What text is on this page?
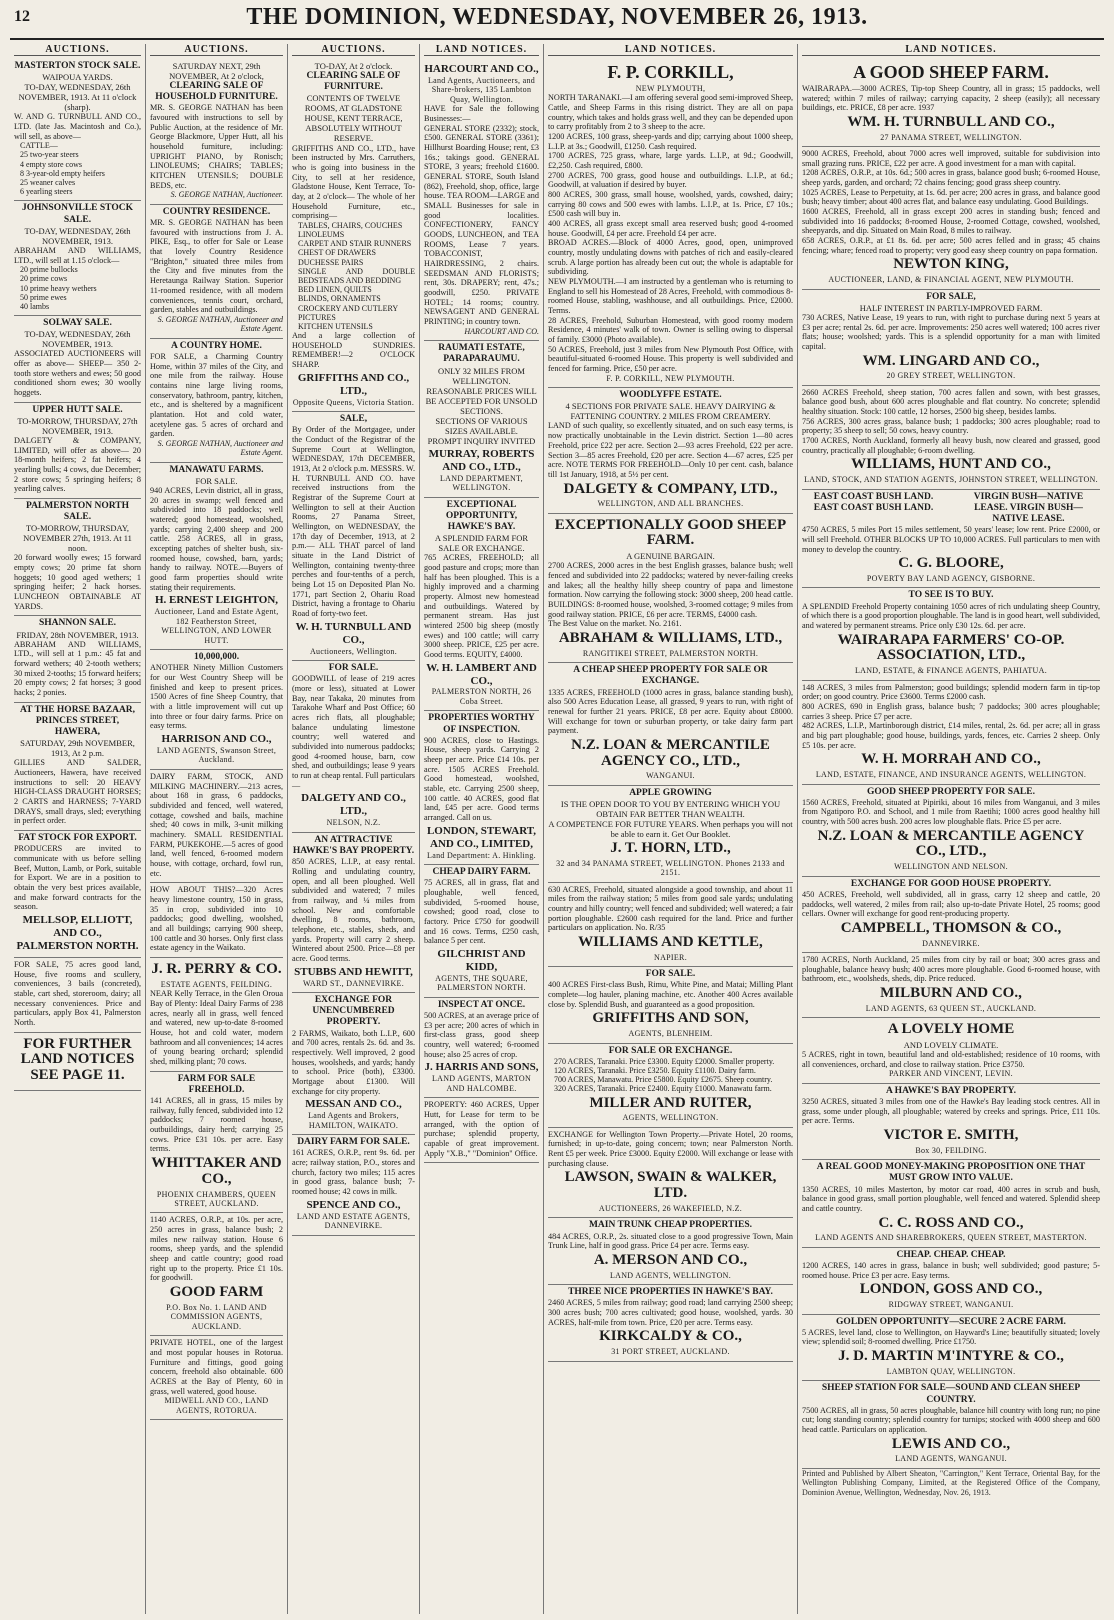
12	THE DOMINION, WEDNESDAY, NOVEMBER 26, 1913.
AUCTIONS.
MASTERTON STOCK SALE.
WAIPOUA YARDS.
TO-DAY, WEDNESDAY, 26th NOVEMBER, 1913. At 11 o'clock (sharp).
W. AND G. TURNBULL AND CO., LTD. (late Jas. Macintosh and Co.), will sell, as above—
CATTLE—
25 two-year steers
4 empty store cows
8 3-year-old empty heifers
25 weaner calves
6 yearling steers
JOHNSONVILLE STOCK SALE.
TO-DAY, WEDNESDAY, 26th NOVEMBER, 1913.
ABRAHAM AND WILLIAMS, LTD., will sell at 1.15 o'clock—
20 prime bullocks
20 prime cows
10 prime heavy wethers
50 prime ewes
40 lambs
SOLWAY SALE.
TO-DAY, WEDNESDAY, 26th NOVEMBER, 1913.
ASSOCIATED AUCTIONEERS will offer as above— SHEEP— 350 2-tooth store wethers and ewes; 50 good conditioned shorn ewes; 30 woolly hoggets.
UPPER HUTT SALE.
TO-MORROW, THURSDAY, 27th NOVEMBER, 1913.
DALGETY & COMPANY, LIMITED, will offer as above— 20 18-month heifers; 2 fat heifers; 4 yearling bulls; 4 cows, due December; 2 store cows; 5 springing heifers; 8 yearling calves.
PALMERSTON NORTH SALE.
TO-MORROW, THURSDAY, NOVEMBER 27th, 1913. At 11 noon.
20 forward woolly ewes; 15 forward empty cows; 20 prime fat shorn hoggets; 10 good aged wethers; 1 springing heifer; 2 hack horses. LUNCHEON OBTAINABLE AT YARDS.
SHANNON SALE.
FRIDAY, 28th NOVEMBER, 1913.
ABRAHAM AND WILLIAMS, LTD., will sell at 1 p.m.: 45 fat and forward wethers; 40 2-tooth wethers; 30 mixed 2-tooths; 15 forward heifers; 20 empty cows; 2 fat horses; 3 good hacks; 2 ponies.
AT THE HORSE BAZAAR, PRINCES STREET, HAWERA,
SATURDAY, 29th NOVEMBER, 1913, At 2 p.m.
GILLIES AND SALDER, Auctioneers, Hawera, have received instructions to sell: 20 HEAVY HIGH-CLASS DRAUGHT HORSES; 2 CARTS and HARNESS; 7-YARD DRAYS, small drays, sled; everything in perfect order.
FAT STOCK FOR EXPORT.
PRODUCERS are invited to communicate with us before selling Beef, Mutton, Lamb, or Pork, suitable for Export. We are in a position to obtain the very best prices available, and make forward contracts for the season.
MELLSOP, ELLIOTT, AND CO., PALMERSTON NORTH.
FOR SALE, 75 acres good land, House, five rooms and scullery, conveniences, 3 bails (concreted), stable, cart shed, storeroom, dairy; all necessary conveniences. Price and particulars, apply Box 41, Palmerston North.
FOR FURTHER LAND NOTICES SEE PAGE 11.
AUCTIONS.
SATURDAY NEXT, 29th NOVEMBER, At 2 o'clock,
CLEARING SALE OF HOUSEHOLD FURNITURE.
MR. S. GEORGE NATHAN has been favoured with instructions to sell by Public Auction, at the residence of Mr. George Blackmore, Upper Hutt, all his household furniture, including: UPRIGHT PIANO, by Ronisch; LINOLEUMS; CHAIRS; TABLES; KITCHEN UTENSILS; DOUBLE BEDS, etc.
S. GEORGE NATHAN, Auctioneer.
COUNTRY RESIDENCE.
MR. S. GEORGE NATHAN has been favoured with instructions from J. A. PIKE, Esq., to offer for Sale or Lease that lovely Country Residence "Brighton," situated three miles from the City and five minutes from the Heretaunga Railway Station. Superior 11-roomed residence, with all modern conveniences, tennis court, orchard, garden, stables and outbuildings.
S. GEORGE NATHAN, Auctioneer and Estate Agent.
A COUNTRY HOME.
FOR SALE, a Charming Country Home, within 37 miles of the City, and one mile from the railway. House contains nine large living rooms, conservatory, bathroom, pantry, kitchen, etc., and is sheltered by a magnificent plantation. Hot and cold water, acetylene gas. 5 acres of orchard and garden.
S. GEORGE NATHAN, Auctioneer and Estate Agent.
MANAWATU FARMS.
FOR SALE.
940 ACRES, Levin district, all in grass, 20 acres in swamp; well fenced and subdivided into 18 paddocks; well watered; good homestead, woolshed, yards; carrying 2,400 sheep and 200 cattle. 258 ACRES, all in grass, excepting patches of shelter bush, six-roomed house, cowshed, barn, yards; handy to railway. NOTE.—Buyers of good farm properties should write stating their requirements.
H. ERNEST LEIGHTON,
Auctioneer, Land and Estate Agent, 182 Featherston Street, WELLINGTON, AND LOWER HUTT.
10,000,000.
ANOTHER Ninety Million Customers for our West Country Sheep will be finished and keep to present prices. 1500 Acres of fine Sheep Country, that with a little improvement will cut up into three or four dairy farms. Price on easy terms.
HARRISON AND CO.,
LAND AGENTS, Swanson Street, Auckland.
DAIRY FARM, STOCK, AND MILKING MACHINERY.—213 acres, about 168 in grass, 6 paddocks, subdivided and fenced, well watered, cottage, cowshed and bails, machine shed; 40 cows in milk, 3-unit milking machinery. SMALL RESIDENTIAL FARM, PUKEKOHE.—5 acres of good land, well fenced, 6-roomed modern house, with cottage, orchard, fowl run, etc.
HOW ABOUT THIS?—320 Acres heavy limestone country, 150 in grass, 35 in crop, subdivided into 10 paddocks; good dwelling, woolshed, and all buildings; carrying 900 sheep, 100 cattle and 30 horses. Only first class estate agency in the Waikato.
J. R. PERRY & CO.
ESTATE AGENTS, FEILDING.
NEAR Kelly Terrace, in the Glen Oroua Bay of Plenty: Ideal Dairy Farms of 238 acres, nearly all in grass, well fenced and watered, new up-to-date 8-roomed House, hot and cold water, modern bathroom and all conveniences; 14 acres of young bearing orchard; splendid shed, milking plant; 70 cows.
FARM FOR SALE FREEHOLD.
141 ACRES, all in grass, 15 miles by railway, fully fenced, subdivided into 12 paddocks; 7 roomed house, outbuildings, dairy herd; carrying 25 cows. Price £31 10s. per acre. Easy terms.
WHITTAKER AND CO.,
PHOENIX CHAMBERS, QUEEN STREET, AUCKLAND.
1140 ACRES, O.R.P., at 10s. per acre, 250 acres in grass, balance bush; 2 miles new railway station. House 6 rooms, sheep yards, and the splendid sheep and cattle country; good road right up to the property. Price £1 10s. for goodwill.
GOOD FARM
P.O. Box No. 1. LAND AND COMMISSION AGENTS, AUCKLAND.
PRIVATE HOTEL, one of the largest and most popular houses in Rotorua. Furniture and fittings, good going concern, freehold also obtainable. 600 ACRES at the Bay of Plenty, 60 in grass, well watered, good house.
MIDWELL AND CO., LAND AGENTS, ROTORUA.
AUCTIONS.
TO-DAY, At 2 o'clock.
CLEARING SALE OF FURNITURE.
CONTENTS OF TWELVE ROOMS, AT GLADSTONE HOUSE, KENT TERRACE, ABSOLUTELY WITHOUT RESERVE.
GRIFFITHS AND CO., LTD., have been instructed by Mrs. Carruthers, who is going into business in the City, to sell at her residence, Gladstone House, Kent Terrace, To-day, at 2 o'clock— The whole of her Household Furniture, etc., comprising—
TABLES, CHAIRS, COUCHES
LINOLEUMS
CARPET AND STAIR RUNNERS
CHEST OF DRAWERS
DUCHESSE PAIRS
SINGLE AND DOUBLE BEDSTEADS AND BEDDING
BED LINEN, QUILTS
BLINDS, ORNAMENTS
CROCKERY AND CUTLERY
PICTURES
KITCHEN UTENSILS
And a large collection of HOUSEHOLD SUNDRIES. REMEMBER!—2 O'CLOCK SHARP.
GRIFFITHS AND CO., LTD.,
Opposite Queens, Victoria Station.
SALE,
By Order of the Mortgagee, under the Conduct of the Registrar of the Supreme Court at Wellington, WEDNESDAY, 17th DECEMBER, 1913, At 2 o'clock p.m. MESSRS. W. H. TURNBULL AND CO. have received instructions from the Registrar of the Supreme Court at Wellington to sell at their Auction Rooms, 27 Panama Street, Wellington, on WEDNESDAY, the 17th day of December, 1913, at 2 p.m.— ALL THAT parcel of land situate in the Land District of Wellington, containing twenty-three perches and four-tenths of a perch, being Lot 15 on Deposited Plan No. 1771, part Section 2, Ohariu Road District, having a frontage to Ohariu Road of forty-two feet.
W. H. TURNBULL AND CO.,
Auctioneers, Wellington.
FOR SALE.
GOODWILL of lease of 219 acres (more or less), situated at Lower Bay, near Takaka, 20 minutes from Tarakohe Wharf and Post Office; 60 acres rich flats, all ploughable; balance undulating limestone country; well watered and subdivided into numerous paddocks; good 4-roomed house, barn, cow shed, and outbuildings; lease 9 years to run at cheap rental. Full particulars—
DALGETY AND CO., LTD.,
NELSON, N.Z.
AN ATTRACTIVE HAWKE'S BAY PROPERTY.
850 ACRES, L.I.P., at easy rental. Rolling and undulating country, open, and all been ploughed. Well subdivided and watered; 7 miles from railway, and ¼ miles from school. New and comfortable dwelling, 8 rooms, bathroom, telephone, etc., stables, sheds, and yards. Property will carry 2 sheep. Wintered about 2500. Price—£8 per acre. Good terms.
STUBBS AND HEWITT,
WARD ST., DANNEVIRKE.
EXCHANGE FOR UNENCUMBERED PROPERTY.
2 FARMS, Waikato, both L.I.P., 600 and 700 acres, rentals 2s. 6d. and 3s. respectively. Well improved, 2 good houses, woolsheds, and yards; handy to school. Price (both), £3300. Mortgage about £1300. Will exchange for city property.
MESSAN AND CO.,
Land Agents and Brokers, HAMILTON, WAIKATO.
DAIRY FARM FOR SALE.
161 ACRES, O.R.P., rent 9s. 6d. per acre; railway station, P.O., stores and church, factory two miles; 115 acres in good grass, balance bush; 7-roomed house; 42 cows in milk.
SPENCE AND CO.,
LAND AND ESTATE AGENTS, DANNEVIRKE.
LAND NOTICES.
HARCOURT AND CO.,
Land Agents, Auctioneers, and Share-brokers, 135 Lambton Quay, Wellington.
HAVE for Sale the following Businesses:—
GENERAL STORE (2332); stock, £500. GENERAL STORE (3361); Hillhurst Boarding House; rent, £3 16s.; takings good. GENERAL STORE, 3 years; freehold £1600. GENERAL STORE, South Island (862), Freehold, shop, office, large house. TEA ROOM—LARGE and SMALL Businesses for sale in good localities. CONFECTIONERY, FANCY GOODS, LUNCHEON, and TEA ROOMS, Lease 7 years. TOBACCONIST, HAIRDRESSING, 2 chairs. SEEDSMAN AND FLORISTS; rent, 30s. DRAPERY; rent, 47s.; goodwill, £250. PRIVATE HOTEL; 14 rooms; country. NEWSAGENT AND GENERAL PRINTING; in country town.
HARCOURT AND CO.
RAUMATI ESTATE,
PARAPARAUMU.
ONLY 32 MILES FROM WELLINGTON.
REASONABLE PRICES WILL BE ACCEPTED FOR UNSOLD SECTIONS.
SECTIONS OF VARIOUS SIZES AVAILABLE.
PROMPT INQUIRY INVITED
MURRAY, ROBERTS AND CO., LTD.,
LAND DEPARTMENT, WELLINGTON.
EXCEPTIONAL OPPORTUNITY, HAWKE'S BAY.
A SPLENDID FARM FOR SALE OR EXCHANGE.
765 ACRES, FREEHOLD; all good pasture and crops; more than half has been ploughed. This is a highly improved and a charming property. Almost new homestead and outbuildings. Watered by permanent stream. Has just wintered 2500 big sheep (mostly ewes) and 100 cattle; will carry 3000 sheep. PRICE, £25 per acre. Good terms. EQUITY, £4000.
W. H. LAMBERT AND CO.,
PALMERSTON NORTH, 26 Coba Street.
PROPERTIES WORTHY OF INSPECTION.
900 ACRES, close to Hastings. House, sheep yards. Carrying 2 sheep per acre. Price £14 10s. per acre. 1505 ACRES Freehold. Good homestead, woolshed, stable, etc. Carrying 2500 sheep, 100 cattle. 40 ACRES, good flat land, £45 per acre. Good terms arranged. Call on us.
LONDON, STEWART, AND CO., LIMITED,
Land Department: A. Hinkling.
CHEAP DAIRY FARM.
75 ACRES, all in grass, flat and ploughable, well fenced, subdivided, 5-roomed house, cowshed; good road, close to factory. Price £750 for goodwill and 16 cows. Terms, £250 cash, balance 5 per cent.
GILCHRIST AND KIDD,
AGENTS, THE SQUARE, PALMERSTON NORTH.
INSPECT AT ONCE.
500 ACRES, at an average price of £3 per acre; 200 acres of which in first-class grass, good sheep country, well watered; 6-roomed house; also 25 acres of crop.
J. HARRIS AND SONS,
LAND AGENTS, MARTON AND HALCOMBE.
PROPERTY: 460 ACRES, Upper Hutt, for Lease for term to be arranged, with the option of purchase; splendid property, capable of great improvement. Apply "X.B.," "Dominion" Office.
LAND NOTICES.
F. P. CORKILL,
NEW PLYMOUTH,
NORTH TARANAKI.—I am offering several good semi-improved Sheep, Cattle, and Sheep Farms in this rising district. They are all on papa country, which takes and holds grass well, and they can be depended upon to carry profitably from 2 to 3 sheep to the acre.
1200 ACRES, 100 grass, sheep-yards and dip; carrying about 1000 sheep, L.I.P. at 3s.; Goodwill, £1250. Cash required.
1700 ACRES, 725 grass, whare, large yards. L.I.P., at 9d.; Goodwill, £2,250. Cash required, £800.
2700 ACRES, 700 grass, good house and outbuildings. L.I.P., at 6d.; Goodwill, at valuation if desired by buyer.
800 ACRES, 300 grass, small house, woolshed, yards, cowshed, dairy; carrying 80 cows and 500 ewes with lambs. L.I.P., at 1s. Price, £7 10s.; £500 cash will buy in.
400 ACRES, all grass except small area reserved bush; good 4-roomed house. Goodwill, £4 per acre. Freehold £4 per acre.
BROAD ACRES.—Block of 4000 Acres, good, open, unimproved country, mostly undulating downs with patches of rich and easily-cleared scrub. A large portion has already been cut out; the whole is adaptable for subdividing.
NEW PLYMOUTH.—I am instructed by a gentleman who is returning to England to sell his Homestead of 28 Acres, Freehold, with commodious 8-roomed House, stabling, washhouse, and all outbuildings. Price, £2000. Terms.
28 ACRES, Freehold, Suburban Homestead, with good roomy modern Residence, 4 minutes' walk of town. Owner is selling owing to dispersal of family. £3000 (Photo available).
50 ACRES, Freehold, just 3 miles from New Plymouth Post Office, with beautiful-situated 6-roomed House. This property is well subdivided and fenced for farming. Price, £50 per acre.
F. P. CORKILL, NEW PLYMOUTH.
WOODLYFFE ESTATE.
4 SECTIONS FOR PRIVATE SALE. HEAVY DAIRYING & FATTENING COUNTRY. 2 MILES FROM CREAMERY.
LAND of such quality, so excellently situated, and on such easy terms, is now practically unobtainable in the Levin district. Section 1—80 acres Freehold, price £22 per acre. Section 2—93 acres Freehold, £22 per acre. Section 3—85 acres Freehold, £20 per acre. Section 4—67 acres, £25 per acre. NOTE TERMS FOR FREEHOLD—Only 10 per cent. cash, balance till 1st January, 1918, at 5½ per cent.
DALGETY & COMPANY, LTD.,
WELLINGTON, AND ALL BRANCHES.
EXCEPTIONALLY GOOD SHEEP FARM.
A GENUINE BARGAIN.
2700 ACRES, 2000 acres in the best English grasses, balance bush; well fenced and subdivided into 22 paddocks; watered by never-failing creeks and lakes; all the healthy hilly sheep country of papa and limestone formation. Now carrying the following stock: 3000 sheep, 200 head cattle. BUILDINGS: 8-roomed house, woolshed, 3-roomed cottage; 9 miles from good railway station. PRICE, £6 per acre. TERMS, £4000 cash.
The Best Value on the market. No. 2161.
ABRAHAM & WILLIAMS, LTD.,
RANGITIKEI STREET, PALMERSTON NORTH.
A CHEAP SHEEP PROPERTY FOR SALE OR EXCHANGE.
1335 ACRES, FREEHOLD (1000 acres in grass, balance standing bush), also 500 Acres Education Lease, all grassed, 9 years to run, with right of renewal for further 21 years. PRICE, £8 per acre. Equity about £8000. Will exchange for town or suburban property, or take dairy farm part payment.
N.Z. LOAN & MERCANTILE AGENCY CO., LTD.,
WANGANUI.
APPLE GROWING
IS THE OPEN DOOR TO YOU BY ENTERING WHICH YOU OBTAIN FAR BETTER THAN WEALTH.
A COMPETENCE FOR FUTURE YEARS. When perhaps you will not be able to earn it. Get Our Booklet.
J. T. HORN, LTD.,
32 and 34 PANAMA STREET, WELLINGTON. Phones 2133 and 2151.
630 ACRES, Freehold, situated alongside a good township, and about 11 miles from the railway station; 5 miles from good sale yards; undulating country and hilly country; well fenced and subdivided; well watered; a fair portion ploughable. £2600 cash required for the land. Price and further particulars on application. No. R/35
WILLIAMS AND KETTLE,
NAPIER.
FOR SALE.
400 ACRES First-class Bush, Rimu, White Pine, and Matai; Milling Plant complete—log hauler, planing machine, etc. Another 400 Acres available close by. Splendid Bush, and guaranteed as a good proposition.
GRIFFITHS AND SON,
AGENTS, BLENHEIM.
FOR SALE OR EXCHANGE.
270 ACRES, Taranaki. Price £3300. Equity £2000. Smaller property.
120 ACRES, Taranaki. Price £3250. Equity £1100. Dairy farm.
700 ACRES, Manawatu. Price £5800. Equity £2675. Sheep country.
320 ACRES, Taranaki. Price £2400. Equity £1000. Manawatu farm.
MILLER AND RUITER,
AGENTS, WELLINGTON.
EXCHANGE for Wellington Town Property.—Private Hotel, 20 rooms, furnished; in up-to-date, going concern; town; near Palmerston North. Rent £5 per week. Price £3000. Equity £2000. Will exchange or lease with purchasing clause.
LAWSON, SWAIN & WALKER, LTD.
AUCTIONEERS, 26 WAKEFIELD, N.Z.
MAIN TRUNK CHEAP PROPERTIES.
484 ACRES, O.R.P., 2s. situated close to a good progressive Town, Main Trunk Line, half in good grass. Price £4 per acre. Terms easy.
A. MERSON AND CO.,
LAND AGENTS, WELLINGTON.
THREE NICE PROPERTIES IN HAWKE'S BAY.
2460 ACRES, 5 miles from railway; good road; land carrying 2500 sheep; 300 acres bush; 700 acres cultivated; good house, woolshed, yards. 30 ACRES, half-mile from town. Price, £20 per acre. Terms easy.
KIRKCALDY & CO.,
31 PORT STREET, AUCKLAND.
LAND NOTICES.
A GOOD SHEEP FARM.
WAIRARAPA.—3000 ACRES, Tip-top Sheep Country, all in grass; 15 paddocks, well watered; within 7 miles of railway; carrying capacity, 2 sheep (easily); all necessary buildings, etc. PRICE, £8 per acre. 1937
WM. H. TURNBULL AND CO.,
27 PANAMA STREET, WELLINGTON.
9000 ACRES, Freehold, about 7000 acres well improved, suitable for subdivision into small grazing runs. PRICE, £22 per acre. A good investment for a man with capital.
1208 ACRES, O.R.P., at 10s. 6d.; 500 acres in grass, balance good bush; 6-roomed House, sheep yards, garden, and orchard; 72 chains fencing; good grass sheep country.
1025 ACRES, Lease to Perpetuity, at 1s. 6d. per acre; 200 acres in grass, and balance good bush; heavy timber; about 400 acres flat, and balance easy undulating. Good Buildings.
1600 ACRES, Freehold, all in grass except 200 acres in standing bush; fenced and subdivided into 16 paddocks; 8-roomed House, 2-roomed Cottage, cowshed, woolshed, sheepyards, and dip. Situated on Main Road, 8 miles to railway.
658 ACRES, O.R.P., at £1 8s. 6d. per acre; 500 acres felled and in grass; 45 chains fencing; whare; fenced road to property; very good easy sheep country on papa formation.
NEWTON KING,
AUCTIONEER, LAND, & FINANCIAL AGENT, NEW PLYMOUTH.
FOR SALE,
HALF INTEREST IN PARTLY-IMPROVED FARM.
730 ACRES, Native Lease, 19 years to run, with right to purchase during next 5 years at £3 per acre; rental 2s. 6d. per acre. Improvements: 250 acres well watered; 100 acres river flats; house; woolshed; yards. This is a splendid opportunity for a man with limited capital.
WM. LINGARD AND CO.,
20 GREY STREET, WELLINGTON.
2660 ACRES Freehold, sheep station, 700 acres fallen and sown, with best grasses, balance good bush, about 600 acres ploughable and flat country. No concrete; splendid healthy situation. Stock: 100 cattle, 12 horses, 2500 big sheep, besides lambs.
756 ACRES, 300 acres grass, balance bush; 1 paddocks; 300 acres ploughable; road to property; 35 sheep to sell; 50 cows, heavy country.
1700 ACRES, North Auckland, formerly all heavy bush, now cleared and grassed, good country, practically all ploughable; 6-room dwelling.
WILLIAMS, HUNT AND CO.,
LAND, STOCK, AND STATION AGENTS, JOHNSTON STREET, WELLINGTON.
EAST COAST BUSH LAND. EAST COAST BUSH LAND.
VIRGIN BUSH—NATIVE LEASE. VIRGIN BUSH—NATIVE LEASE.
4750 ACRES, 5 miles Port 15 miles settlement, 50 years' lease; low rent. Price £2000, or will sell Freehold. OTHER BLOCKS UP TO 10,000 ACRES. Full particulars to men with money to develop the country.
C. G. BLOORE,
POVERTY BAY LAND AGENCY, GISBORNE.
TO SEE IS TO BUY.
A SPLENDID Freehold Property containing 1050 acres of rich undulating sheep Country, of which there is a good proportion ploughable. The land is in good heart, well subdivided, and watered by permanent streams. Price only £30 12s. 6d. per acre.
WAIRARAPA FARMERS' CO-OP. ASSOCIATION, LTD.,
LAND, ESTATE, & FINANCE AGENTS, PAHIATUA.
148 ACRES, 3 miles from Palmerston; good buildings; splendid modern farm in tip-top order; on good country. Price £3600. Terms £2000 cash.
800 ACRES, 690 in English grass, balance bush; 7 paddocks; 300 acres ploughable; carries 3 sheep. Price £7 per acre.
482 ACRES, L.I.P., Martinborough district, £14 miles, rental, 2s. 6d. per acre; all in grass and big part ploughable; good house, buildings, yards, fences, etc. Carries 2 sheep. Only £5 10s. per acre.
W. H. MORRAH AND CO.,
LAND, ESTATE, FINANCE, AND INSURANCE AGENTS, WELLINGTON.
GOOD SHEEP PROPERTY FOR SALE.
1560 ACRES, Freehold, situated at Pipiriki, about 16 miles from Wanganui, and 3 miles from Ngatiporo P.O. and School, and 1 mile from Raetihi; 1000 acres good healthy hill country, with 500 acres bush. 200 acres low ploughable flats. Price £5 per acre.
N.Z. LOAN & MERCANTILE AGENCY CO., LTD.,
WELLINGTON AND NELSON.
EXCHANGE FOR GOOD HOUSE PROPERTY.
450 ACRES, Freehold, well subdivided, all in grass, carry 12 sheep and cattle, 20 paddocks, well watered, 2 miles from rail; also up-to-date Private Hotel, 25 rooms; good cellars. Owner will exchange for good rent-producing property.
CAMPBELL, THOMSON & CO.,
DANNEVIRKE.
1780 ACRES, North Auckland, 25 miles from city by rail or boat; 300 acres grass and ploughable, balance heavy bush; 400 acres more ploughable. Good 6-roomed house, with bathroom, etc., woolsheds, sheds, dip. Price reduced.
MILBURN AND CO.,
LAND AGENTS, 63 QUEEN ST., AUCKLAND.
A LOVELY HOME
AND LOVELY CLIMATE.
5 ACRES, right in town, beautiful land and old-established; residence of 10 rooms, with all conveniences, orchard, and close to railway station. Price £3750.
PARKER AND VINCENT, LEVIN.
A HAWKE'S BAY PROPERTY.
3250 ACRES, situated 3 miles from one of the Hawke's Bay leading stock centres. All in grass, some under plough, all ploughable; watered by creeks and springs. Price, £11 10s. per acre. Terms.
VICTOR E. SMITH,
Box 30, FEILDING.
A REAL GOOD MONEY-MAKING PROPOSITION ONE THAT MUST GROW INTO VALUE.
1350 ACRES, 10 miles Masterton, by motor car road, 400 acres in scrub and bush, balance in good grass, small portion ploughable, well fenced and watered. Splendid sheep and cattle country.
C. C. ROSS AND CO.,
LAND AGENTS AND SHAREBROKERS, QUEEN STREET, MASTERTON.
CHEAP. CHEAP. CHEAP.
1200 ACRES, 140 acres in grass, balance in bush; well subdivided; good pasture; 5-roomed house. Price £3 per acre. Easy terms.
LONDON, GOSS AND CO.,
RIDGWAY STREET, WANGANUI.
GOLDEN OPPORTUNITY—SECURE 2 ACRE FARM.
5 ACRES, level land, close to Wellington, on Hayward's Line; beautifully situated; lovely view; splendid soil; 8-roomed dwelling. Price £1750.
J. D. MARTIN M'INTYRE & CO.,
LAMBTON QUAY, WELLINGTON.
SHEEP STATION FOR SALE—SOUND AND CLEAN SHEEP COUNTRY.
7500 ACRES, all in grass, 50 acres ploughable, balance hill country with long run; no pine cut; long standing country; splendid country for turnips; stocked with 4000 sheep and 600 head cattle. Particulars on application.
LEWIS AND CO.,
LAND AGENTS, WANGANUI.
Printed and Published by Albert Sheaton, "Carrington," Kent Terrace, Oriental Bay, for the Wellington Publishing Company, Limited, at the Registered Office of the Company, Dominion Avenue, Wellington, Wednesday, Nov. 26, 1913.
